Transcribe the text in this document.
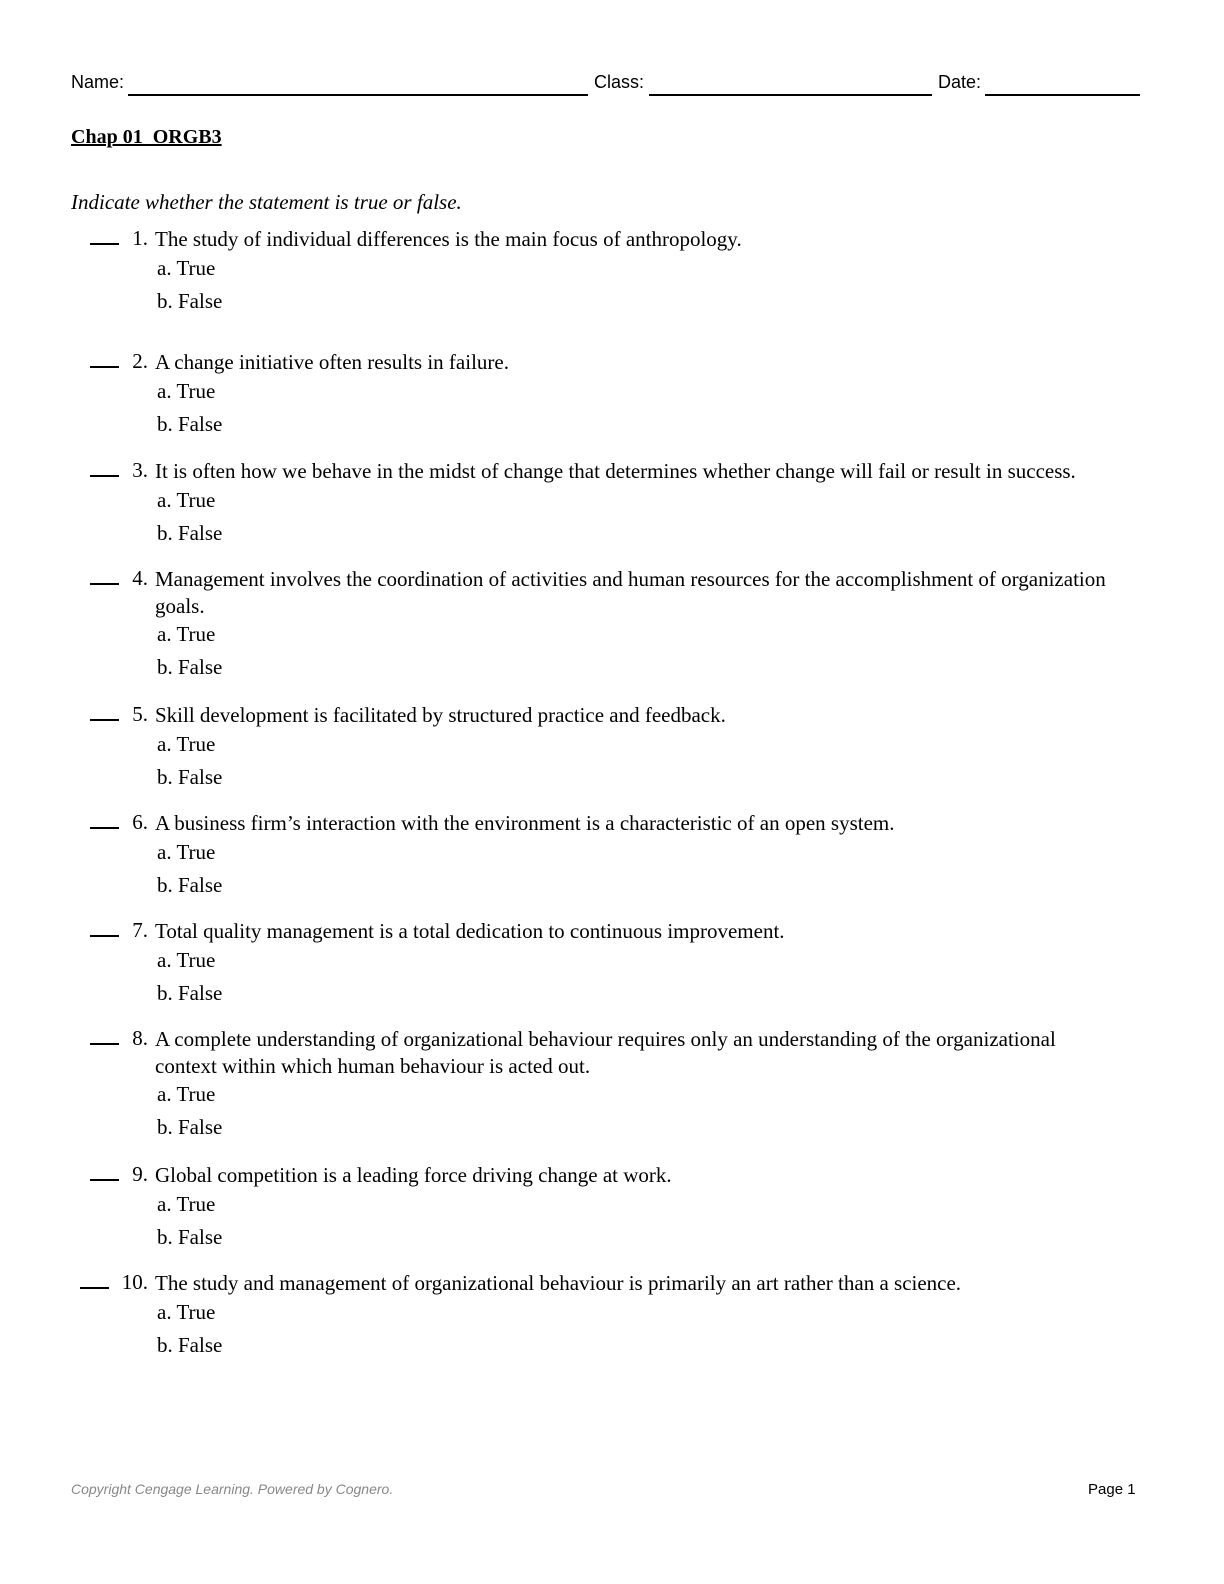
Name:	Class:	Date:
Chap 01_ORGB3
Indicate whether the statement is true or false.
1. The study of individual differences is the main focus of anthropology.
a. True
b. False
2. A change initiative often results in failure.
a. True
b. False
3. It is often how we behave in the midst of change that determines whether change will fail or result in success.
a. True
b. False
4. Management involves the coordination of activities and human resources for the accomplishment of organization goals.
a. True
b. False
5. Skill development is facilitated by structured practice and feedback.
a. True
b. False
6. A business firm’s interaction with the environment is a characteristic of an open system.
a. True
b. False
7. Total quality management is a total dedication to continuous improvement.
a. True
b. False
8. A complete understanding of organizational behaviour requires only an understanding of the organizational context within which human behaviour is acted out.
a. True
b. False
9. Global competition is a leading force driving change at work.
a. True
b. False
10. The study and management of organizational behaviour is primarily an art rather than a science.
a. True
b. False
Copyright Cengage Learning. Powered by Cognero.	Page 1
